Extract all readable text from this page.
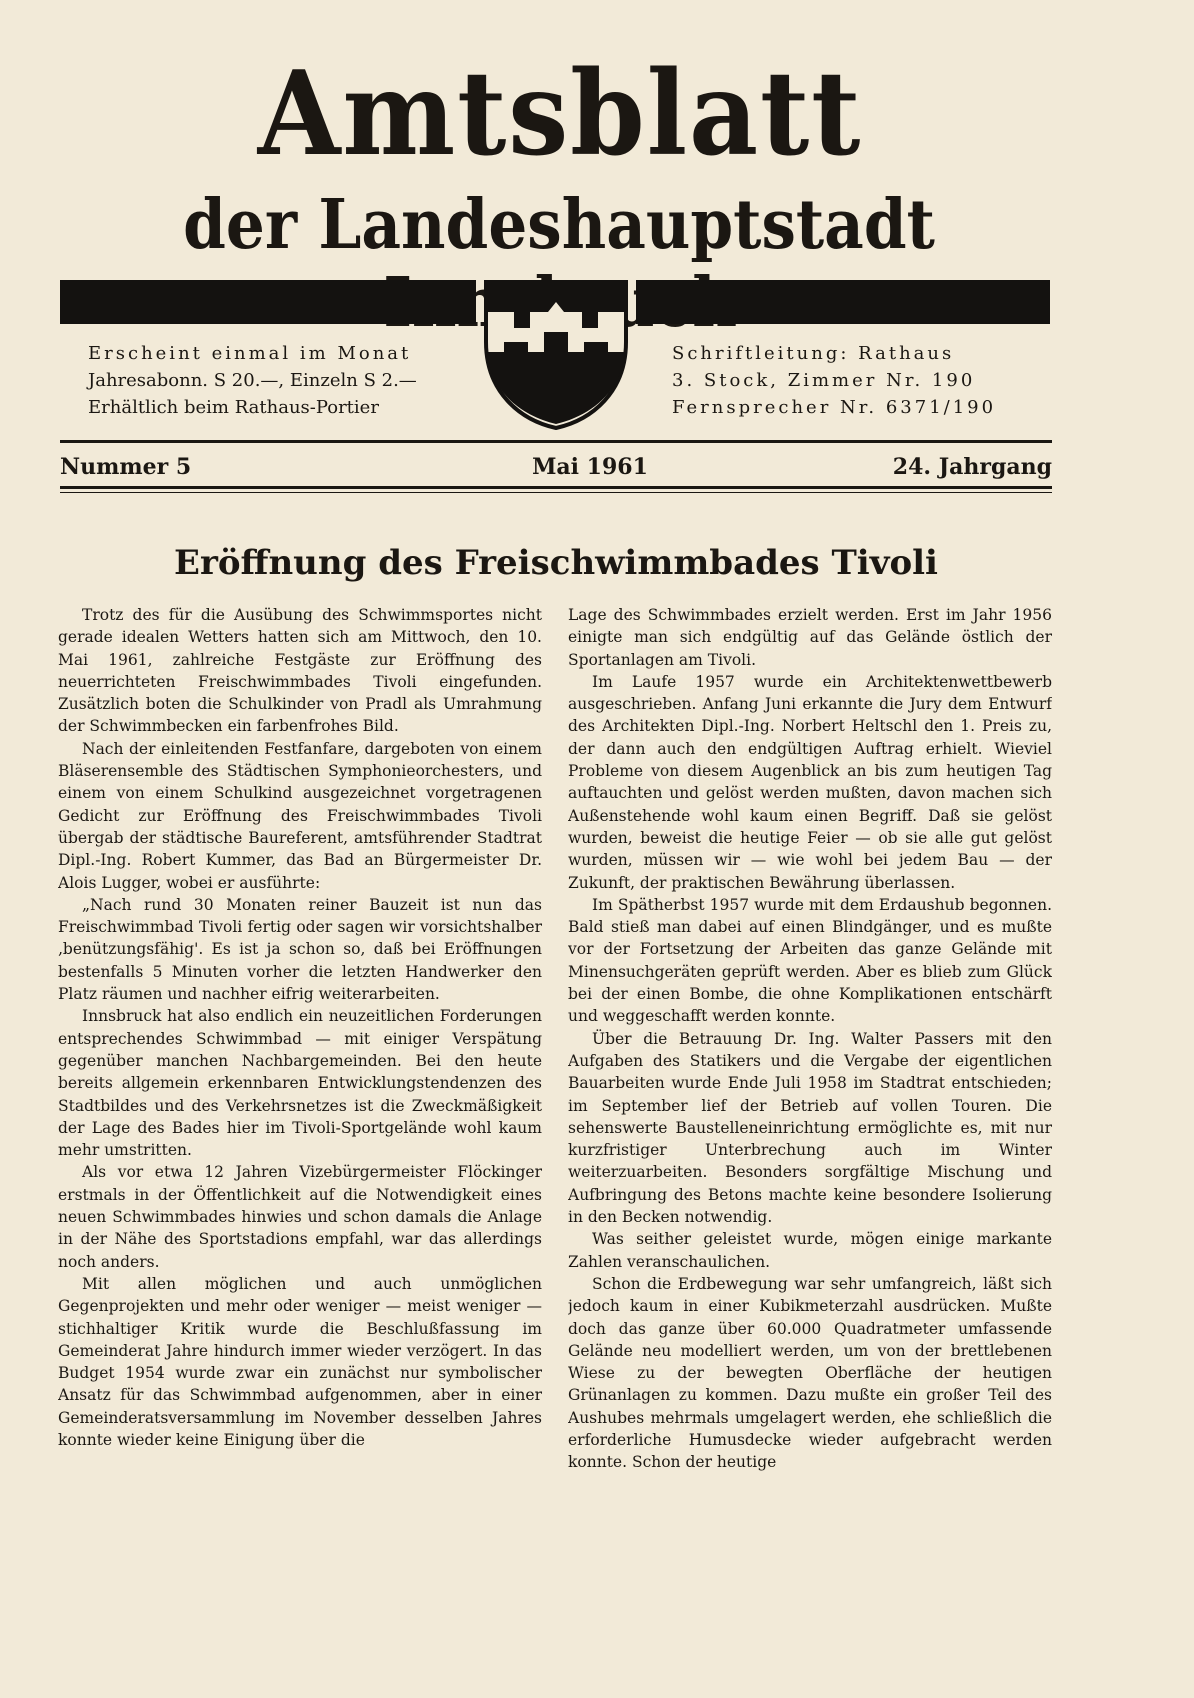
Amtsblatt
der Landeshauptstadt
Erscheint einmal im Monat
Jahresabonn. S 20.—, Einzeln S 2.—
Erhältlich beim Rathaus-Portier
Schriftleitung: Rathaus
3. Stock, Zimmer Nr. 190
Fernsprecher Nr. 6371/190
Nummer 5	Mai 1961	24. Jahrgang
Eröffnung des Freischwimmbades Tivoli

Trotz des für die Ausübung des Schwimmsportes nicht gerade idealen Wetters hatten sich am Mittwoch, den 10. Mai 1961, zahlreiche Festgäste zur Eröffnung des neuerrichteten Freischwimmbades Tivoli eingefunden. Zusätzlich boten die Schulkinder von Pradl als Umrahmung der Schwimmbecken ein farbenfrohes Bild.

Nach der einleitenden Festfanfare, dargeboten von einem Bläserensemble des Städtischen Symphonieorchesters, und einem von einem Schulkind ausgezeichnet vorgetragenen Gedicht zur Eröffnung des Freischwimmbades Tivoli übergab der städtische Baureferent, amtsführender Stadtrat Dipl.-Ing. Robert Kummer, das Bad an Bürgermeister Dr. Alois Lugger, wobei er ausführte:

„Nach rund 30 Monaten reiner Bauzeit ist nun das Freischwimmbad Tivoli fertig oder sagen wir vorsichtshalber ‚benützungsfähig'. Es ist ja schon so, daß bei Eröffnungen bestenfalls 5 Minuten vorher die letzten Handwerker den Platz räumen und nachher eifrig weiterarbeiten.

Innsbruck hat also endlich ein neuzeitlichen Forderungen entsprechendes Schwimmbad — mit einiger Verspätung gegenüber manchen Nachbargemeinden. Bei den heute bereits allgemein erkennbaren Entwicklungstendenzen des Stadtbildes und des Verkehrsnetzes ist die Zweckmäßigkeit der Lage des Bades hier im Tivoli-Sportgelände wohl kaum mehr umstritten.

Als vor etwa 12 Jahren Vizebürgermeister Flöckinger erstmals in der Öffentlichkeit auf die Notwendigkeit eines neuen Schwimmbades hinwies und schon damals die Anlage in der Nähe des Sportstadions empfahl, war das allerdings noch anders.

Mit allen möglichen und auch unmöglichen Gegenprojekten und mehr oder weniger — meist weniger — stichhaltiger Kritik wurde die Beschlußfassung im Gemeinderat Jahre hindurch immer wieder verzögert. In das Budget 1954 wurde zwar ein zunächst nur symbolischer Ansatz für das Schwimmbad aufgenommen, aber in einer Gemeinderatsversammlung im November desselben Jahres konnte wieder keine Einigung über die

Lage des Schwimmbades erzielt werden. Erst im Jahr 1956 einigte man sich endgültig auf das Gelände östlich der Sportanlagen am Tivoli.

Im Laufe 1957 wurde ein Architektenwettbewerb ausgeschrieben. Anfang Juni erkannte die Jury dem Entwurf des Architekten Dipl.-Ing. Norbert Heltschl den 1. Preis zu, der dann auch den endgültigen Auftrag erhielt. Wieviel Probleme von diesem Augenblick an bis zum heutigen Tag auftauchten und gelöst werden mußten, davon machen sich Außenstehende wohl kaum einen Begriff. Daß sie gelöst wurden, beweist die heutige Feier — ob sie alle gut gelöst wurden, müssen wir — wie wohl bei jedem Bau — der Zukunft, der praktischen Bewährung überlassen.

Im Spätherbst 1957 wurde mit dem Erdaushub begonnen. Bald stieß man dabei auf einen Blindgänger, und es mußte vor der Fortsetzung der Arbeiten das ganze Gelände mit Minensuchgeräten geprüft werden. Aber es blieb zum Glück bei der einen Bombe, die ohne Komplikationen entschärft und weggeschafft werden konnte.

Über die Betrauung Dr. Ing. Walter Passers mit den Aufgaben des Statikers und die Vergabe der eigentlichen Bauarbeiten wurde Ende Juli 1958 im Stadtrat entschieden; im September lief der Betrieb auf vollen Touren. Die sehenswerte Baustelleneinrichtung ermöglichte es, mit nur kurzfristiger Unterbrechung auch im Winter weiterzuarbeiten. Besonders sorgfältige Mischung und Aufbringung des Betons machte keine besondere Isolierung in den Becken notwendig.

Was seither geleistet wurde, mögen einige markante Zahlen veranschaulichen.

Schon die Erdbewegung war sehr umfangreich, läßt sich jedoch kaum in einer Kubikmeterzahl ausdrücken. Mußte doch das ganze über 60.000 Quadratmeter umfassende Gelände neu modelliert werden, um von der brettlebenen Wiese zu der bewegten Oberfläche der heutigen Grünanlagen zu kommen. Dazu mußte ein großer Teil des Aushubes mehrmals umgelagert werden, ehe schließlich die erforderliche Humusdecke wieder aufgebracht werden konnte. Schon der heutige
